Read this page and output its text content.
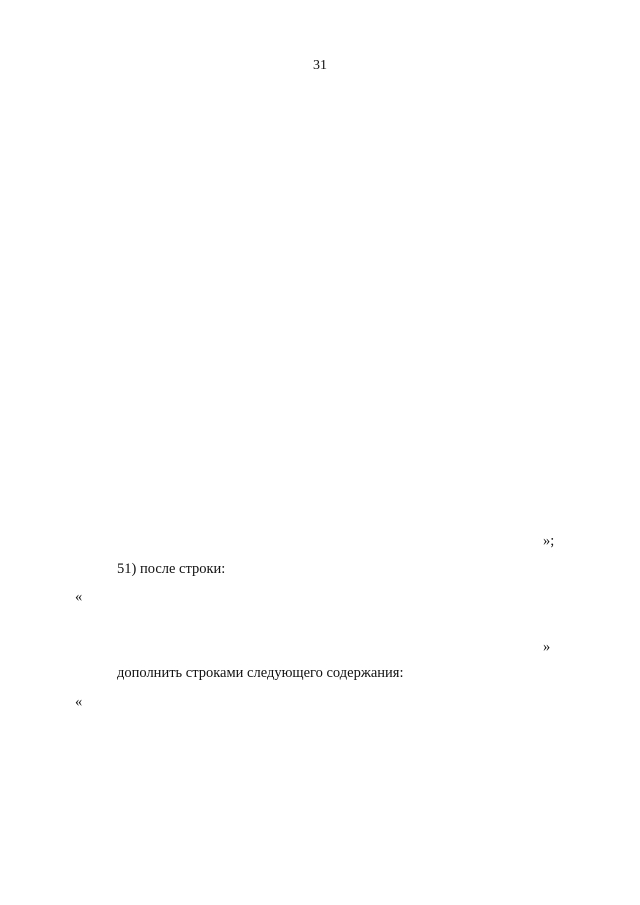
31
»;
51) после строки:
«
»
дополнить строками следующего содержания:
«
